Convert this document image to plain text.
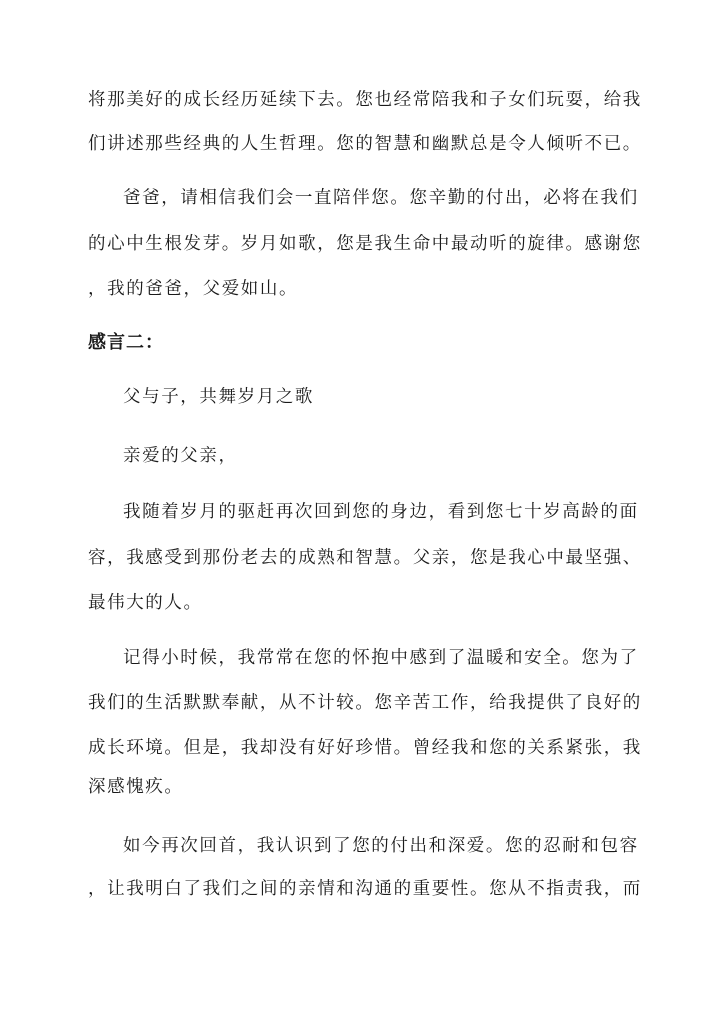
将那美好的成长经历延续下去。您也经常陪我和子女们玩耍，给我
们讲述那些经典的人生哲理。您的智慧和幽默总是令人倾听不已。
爸爸，请相信我们会一直陪伴您。您辛勤的付出，必将在我们
的心中生根发芽。岁月如歌，您是我生命中最动听的旋律。感谢您
，我的爸爸，父爱如山。
感言二：
父与子，共舞岁月之歌
亲爱的父亲，
我随着岁月的驱赶再次回到您的身边，看到您七十岁高龄的面
容，我感受到那份老去的成熟和智慧。父亲，您是我心中最坚强、
最伟大的人。
记得小时候，我常常在您的怀抱中感到了温暖和安全。您为了
我们的生活默默奉献，从不计较。您辛苦工作，给我提供了良好的
成长环境。但是，我却没有好好珍惜。曾经我和您的关系紧张，我
深感愧疚。
如今再次回首，我认识到了您的付出和深爱。您的忍耐和包容
，让我明白了我们之间的亲情和沟通的重要性。您从不指责我，而
